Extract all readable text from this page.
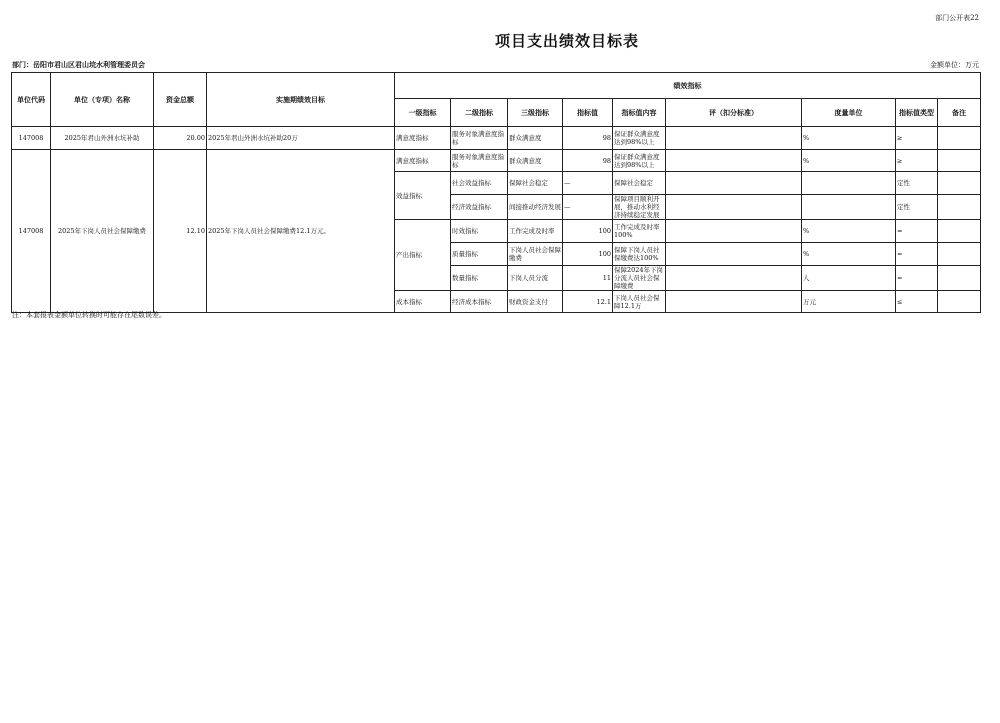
部门公开表22
项目支出绩效目标表
部门：岳阳市君山区君山垸水利管理委员会	金额单位：万元
单位代码	单位（专项）名称	资金总额	实施期绩效目标	绩效指标								
				一级指标	二级指标	三级指标	指标值	指标值内容	评（扣分标准）	度量单位	指标值类型	备注
147008	2025年君山外洲水坑补助	20.00	2025年君山外洲水坑补助20万	满意度指标	服务对象满意度指标	群众满意度	98	保证群众满意度达到98%以上		%	≥	
147008	2025年下岗人员社会保障缴费	12.10	2025年下岗人员社会保障缴费12.1万元。	满意度指标	服务对象满意度指标	群众满意度	98	保证群众满意度达到98%以上		%	≥	
				效益指标	社会效益指标	保障社会稳定	—	保障社会稳定			定性	
					经济效益指标	间接推动经济发展	—	保障项目顺利开展，推动水利经济持续稳定发展			定性	
				产出指标	时效指标	工作完成及时率	100	工作完成及时率100%		%	=	
					质量指标	下岗人员社会保障缴费	100	保障下岗人员社保缴费达100%		%	=	
					数量指标	下岗人员分流	11	保障2024年下岗分流人员社会保障缴费		人	=	
				成本指标	经济成本指标	财政资金支付	12.1	下岗人员社会保障12.1万		万元	≤	
注：本套报表金额单位转换时可能存在尾数误差。
